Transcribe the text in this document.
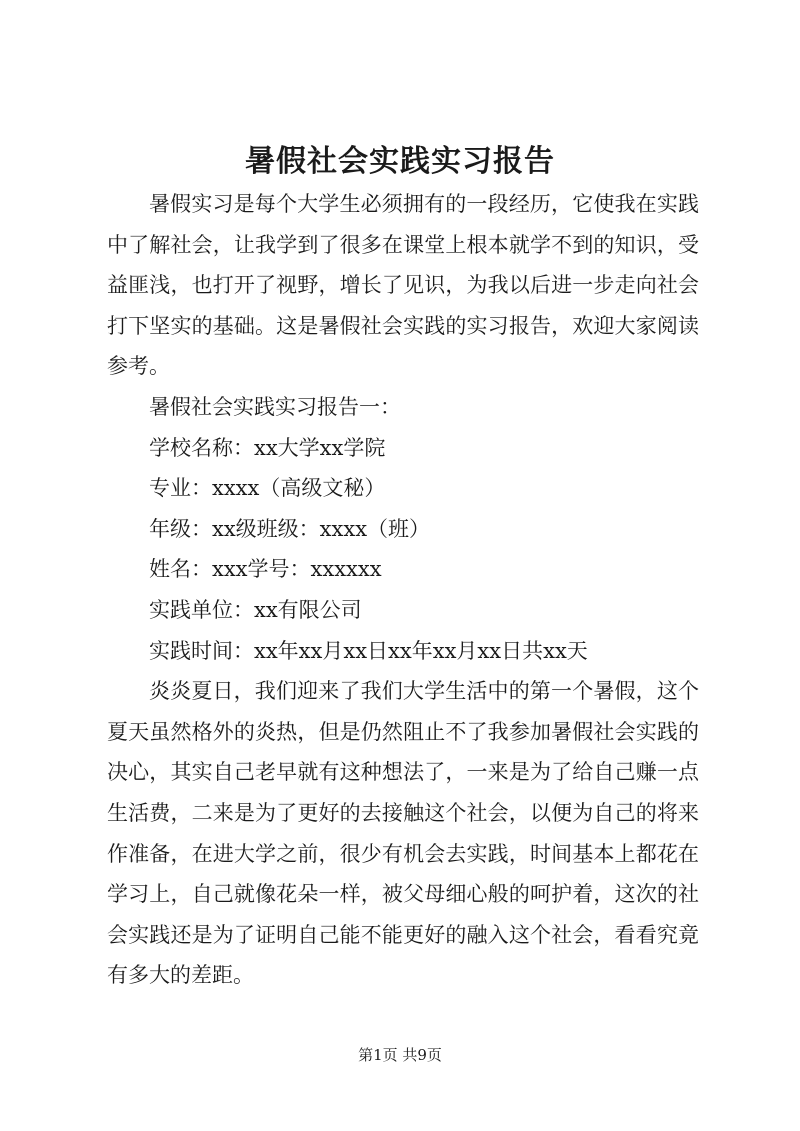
暑假社会实践实习报告

暑假实习是每个大学生必须拥有的一段经历，它使我在实践中了解社会，让我学到了很多在课堂上根本就学不到的知识，受益匪浅，也打开了视野，增长了见识，为我以后进一步走向社会打下坚实的基础。这是暑假社会实践的实习报告，欢迎大家阅读参考。

暑假社会实践实习报告一：

学校名称：xx大学xx学院

专业：xxxx（高级文秘）

年级：xx级班级：xxxx（班）

姓名：xxx学号：xxxxxx

实践单位：xx有限公司

实践时间：xx年xx月xx日xx年xx月xx日共xx天

炎炎夏日，我们迎来了我们大学生活中的第一个暑假，这个夏天虽然格外的炎热，但是仍然阻止不了我参加暑假社会实践的决心，其实自己老早就有这种想法了，一来是为了给自己赚一点生活费，二来是为了更好的去接触这个社会，以便为自己的将来作准备，在进大学之前，很少有机会去实践，时间基本上都花在学习上，自己就像花朵一样，被父母细心般的呵护着，这次的社会实践还是为了证明自己能不能更好的融入这个社会，看看究竟有多大的差距。

第1页 共9页
